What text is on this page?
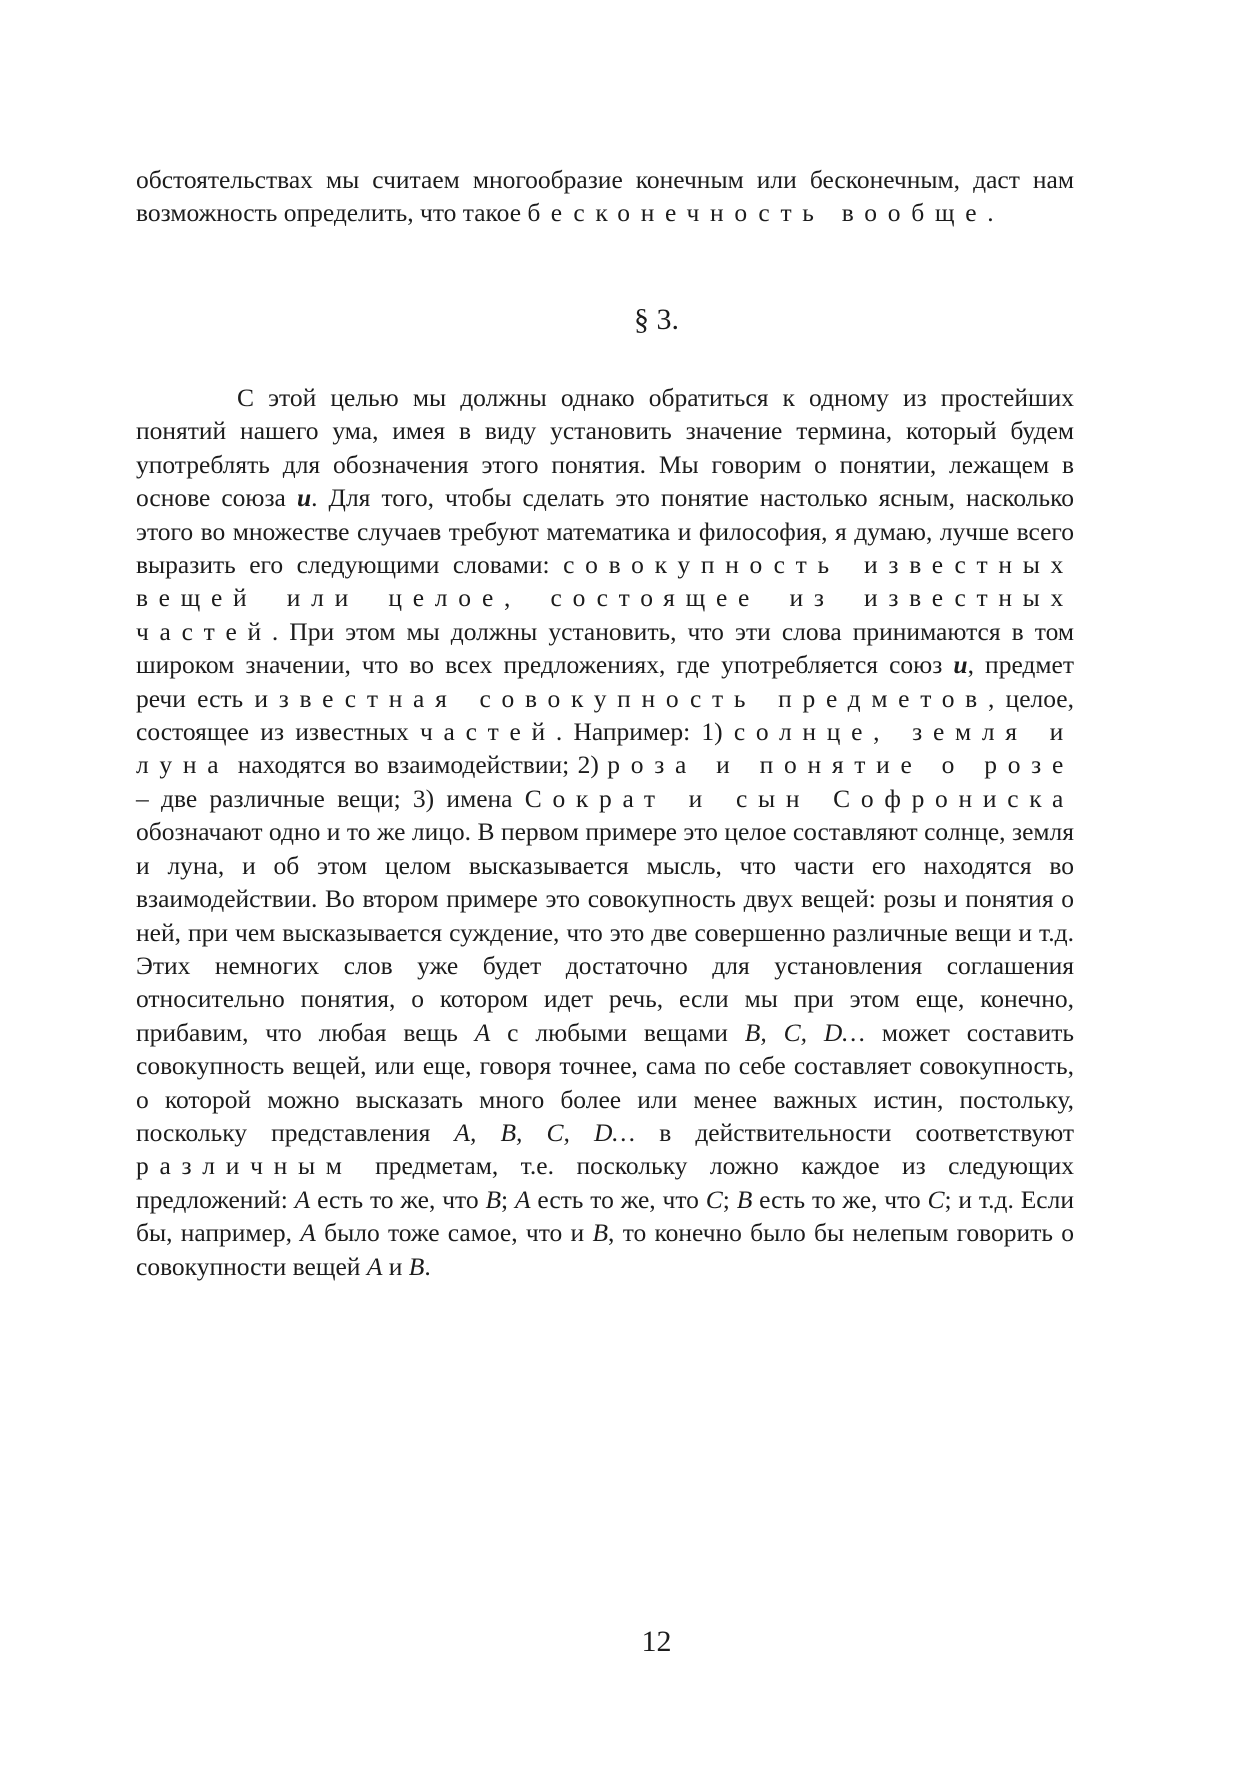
обстоятельствах мы считаем многообразие конечным или бесконечным, даст нам возможность определить, что такое бесконечность вообще.

§ 3.

С этой целью мы должны однако обратиться к одному из простейших понятий нашего ума, имея в виду установить значение термина, который будем употреблять для обозначения этого понятия. Мы говорим о понятии, лежащем в основе союза и. Для того, чтобы сделать это понятие настолько ясным, насколько этого во множестве случаев требуют математика и философия, я думаю, лучше всего выразить его следующими словами: совокупность известных вещей или целое, состоящее из известных частей. При этом мы должны установить, что эти слова принимаются в том широком значении, что во всех предложениях, где употребляется союз и, предмет речи есть известная совокупность предметов, целое, состоящее из известных частей. Например: 1) солнце, земля и луна находятся во взаимодействии; 2) роза и понятие о розе – две различные вещи; 3) имена Сократ и сын Софрониска обозначают одно и то же лицо. В первом примере это целое составляют солнце, земля и луна, и об этом целом высказывается мысль, что части его находятся во взаимодействии. Во втором примере это совокупность двух вещей: розы и понятия о ней, при чем высказывается суждение, что это две совершенно различные вещи и т.д. Этих немногих слов уже будет достаточно для установления соглашения относительно понятия, о котором идет речь, если мы при этом еще, конечно, прибавим, что любая вещь A с любыми вещами B, C, D… может составить совокупность вещей, или еще, говоря точнее, сама по себе составляет совокупность, о которой можно высказать много более или менее важных истин, постольку, поскольку представления A, B, C, D… в действительности соответствуют различным предметам, т.е. поскольку ложно каждое из следующих предложений: A есть то же, что B; A есть то же, что C; B есть то же, что C; и т.д. Если бы, например, A было тоже самое, что и B, то конечно было бы нелепым говорить о совокупности вещей A и B.

12
